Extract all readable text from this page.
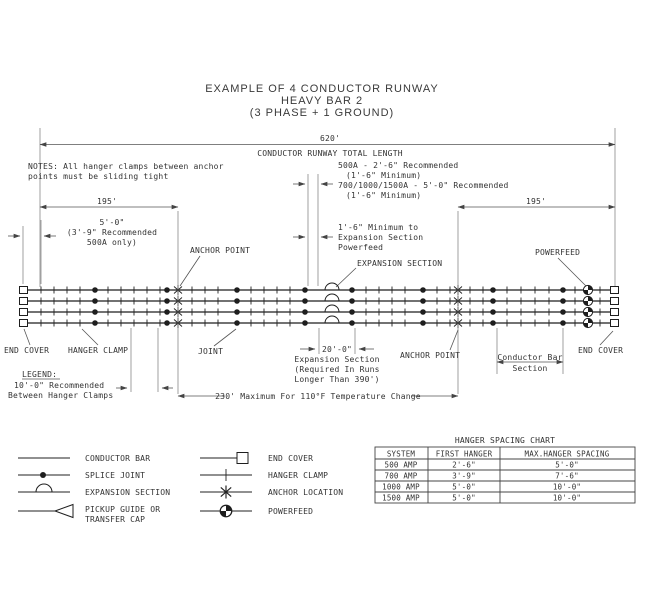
EXAMPLE OF 4 CONDUCTOR RUNWAY
HEAVY BAR 2
(3 PHASE + 1 GROUND)
620'
CONDUCTOR RUNWAY TOTAL LENGTH
NOTES: All hanger clamps between anchor
points must be sliding tight
195'	195'
5'-0"
(3'-9" Recommended
500A only)
500A - 2'-6" Recommended
(1'-6" Minimum)
700/1000/1500A - 5'-0" Recommended
(1'-6" Minimum)
1'-6" Minimum to
Expansion Section
Powerfeed
ANCHOR POINT
EXPANSION SECTION
POWERFEED
END COVER HANGER CLAMP	JOINT	ANCHOR POINT
END COVER
20'-0"
Expansion Section
(Required In Runs
Longer Than 390')
Conductor Bar
Section
LEGEND:
10'-0" Recommended
Between Hanger Clamps	230' Maximum For 110°F Temperature Change
CONDUCTOR BAR
SPLICE JOINT
EXPANSION SECTION
PICKUP GUIDE OR
TRANSFER CAP
END COVER
HANGER CLAMP
ANCHOR LOCATION
POWERFEED
HANGER SPACING CHART
SYSTEM	FIRST HANGER	MAX.HANGER SPACING
500 AMP	2'-6"	5'-0"
700 AMP	3'-9"	7'-6"
1000 AMP	5'-0"	10'-0"
1500 AMP	5'-0"	10'-0"
